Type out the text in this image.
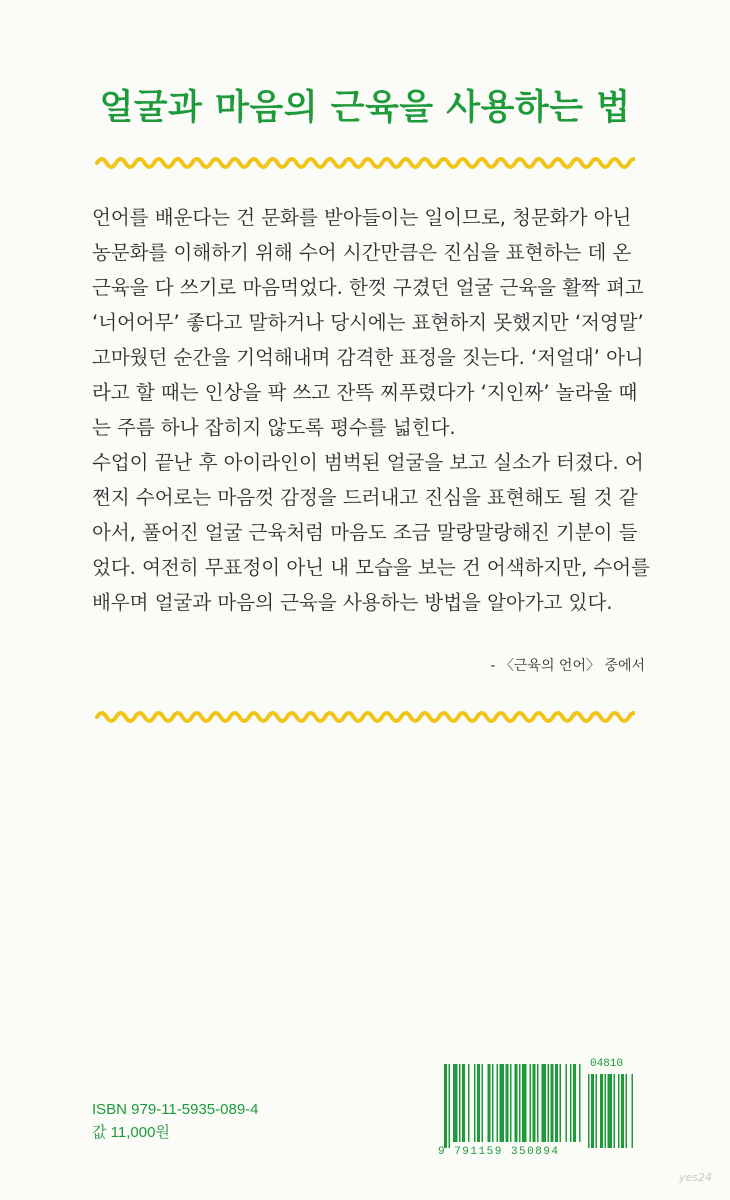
얼굴과 마음의 근육을 사용하는 법

언어를 배운다는 건 문화를 받아들이는 일이므로, 청문화가 아닌 농문화를 이해하기 위해 수어 시간만큼은 진심을 표현하는 데 온 근육을 다 쓰기로 마음먹었다. 한껏 구겼던 얼굴 근육을 활짝 펴고 ‘너어어무’ 좋다고 말하거나 당시에는 표현하지 못했지만 ‘저영말’ 고마웠던 순간을 기억해내며 감격한 표정을 짓는다. ‘저얼대’ 아니라고 할 때는 인상을 팍 쓰고 잔뜩 찌푸렸다가 ‘지인짜’ 놀라울 때는 주름 하나 잡히지 않도록 평수를 넓힌다.

수업이 끝난 후 아이라인이 범벅된 얼굴을 보고 실소가 터졌다. 어쩐지 수어로는 마음껏 감정을 드러내고 진심을 표현해도 될 것 같아서, 풀어진 얼굴 근육처럼 마음도 조금 말랑말랑해진 기분이 들었다. 여전히 무표정이 아닌 내 모습을 보는 건 어색하지만, 수어를 배우며 얼굴과 마음의 근육을 사용하는 방법을 알아가고 있다.

- 〈근육의 언어〉 중에서
ISBN 979-11-5935-089-4
값 11,000원
04810
9 791159 350894
yes24
